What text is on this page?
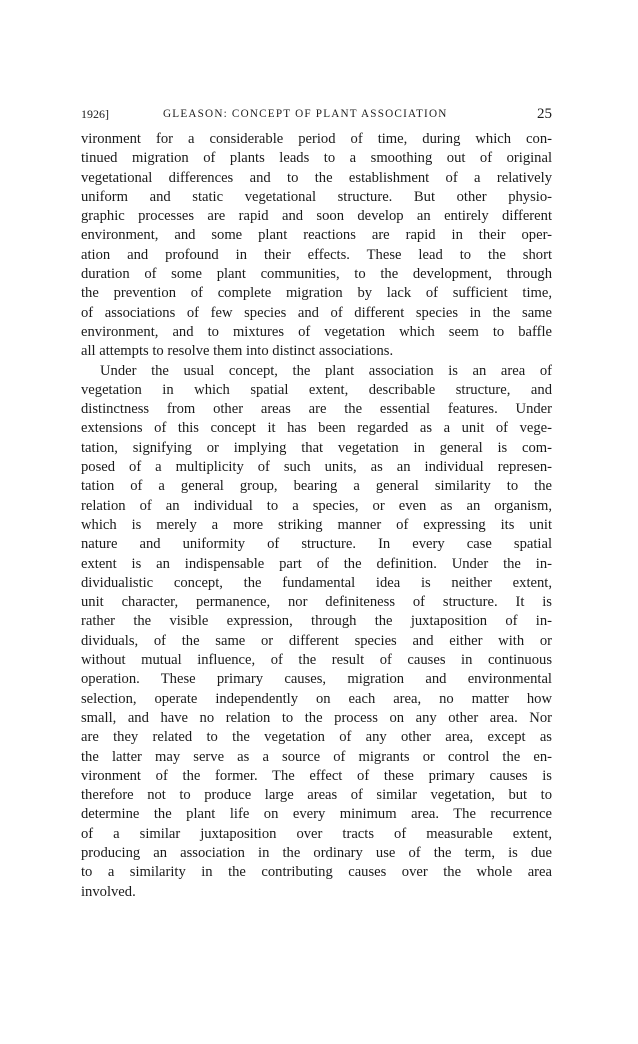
1926]	GLEASON: CONCEPT OF PLANT ASSOCIATION	25
vironment for a considerable period of time, during which con-
tinued migration of plants leads to a smoothing out of original
vegetational differences and to the establishment of a relatively
uniform and static vegetational structure. But other physio-
graphic processes are rapid and soon develop an entirely different
environment, and some plant reactions are rapid in their oper-
ation and profound in their effects. These lead to the short
duration of some plant communities, to the development, through
the prevention of complete migration by lack of sufficient time,
of associations of few species and of different species in the same
environment, and to mixtures of vegetation which seem to baffle
all attempts to resolve them into distinct associations.
Under the usual concept, the plant association is an area of
vegetation in which spatial extent, describable structure, and
distinctness from other areas are the essential features. Under
extensions of this concept it has been regarded as a unit of vege-
tation, signifying or implying that vegetation in general is com-
posed of a multiplicity of such units, as an individual represen-
tation of a general group, bearing a general similarity to the
relation of an individual to a species, or even as an organism,
which is merely a more striking manner of expressing its unit
nature and uniformity of structure. In every case spatial
extent is an indispensable part of the definition. Under the in-
dividualistic concept, the fundamental idea is neither extent,
unit character, permanence, nor definiteness of structure. It is
rather the visible expression, through the juxtaposition of in-
dividuals, of the same or different species and either with or
without mutual influence, of the result of causes in continuous
operation. These primary causes, migration and environmental
selection, operate independently on each area, no matter how
small, and have no relation to the process on any other area. Nor
are they related to the vegetation of any other area, except as
the latter may serve as a source of migrants or control the en-
vironment of the former. The effect of these primary causes is
therefore not to produce large areas of similar vegetation, but to
determine the plant life on every minimum area. The recurrence
of a similar juxtaposition over tracts of measurable extent,
producing an association in the ordinary use of the term, is due
to a similarity in the contributing causes over the whole area
involved.
